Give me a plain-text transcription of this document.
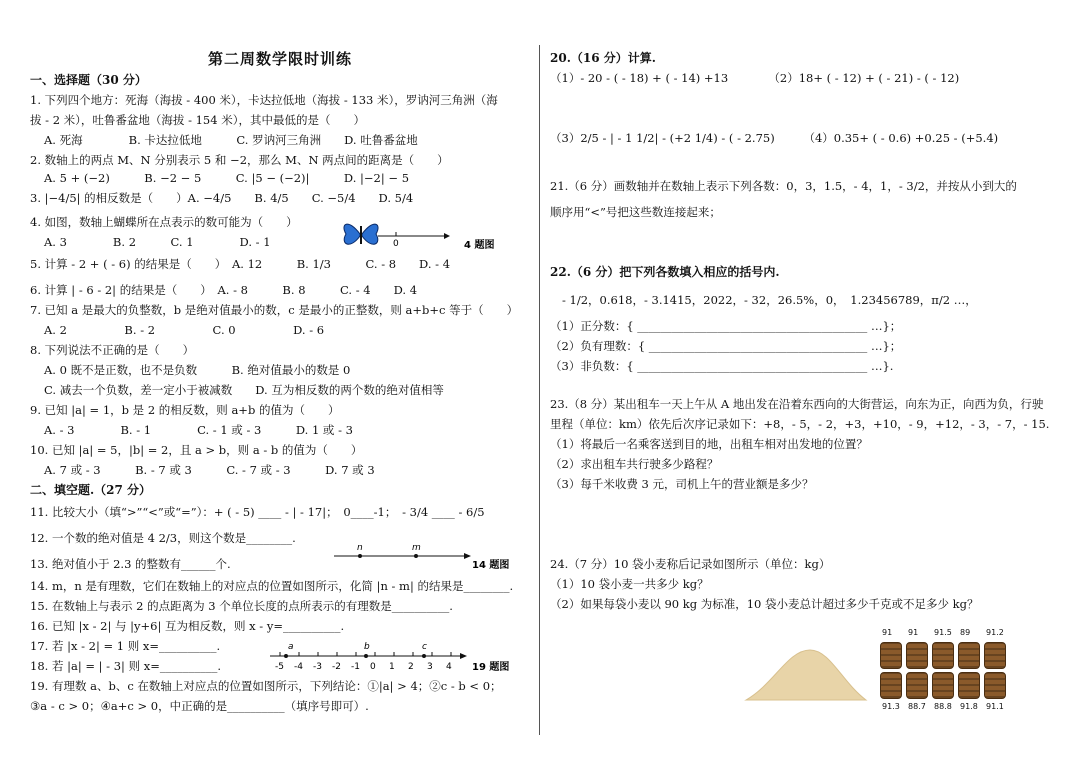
第二周数学限时训练
一、选择题（30 分）
1. 下列四个地方：死海（海拔 - 400 米），卡达拉低地（海拔 - 133 米），罗讷河三角洲（海
拔 - 2 米），吐鲁番盆地（海拔 - 154 米），其中最低的是（　　）
A. 死海　　　　B. 卡达拉低地　　　C. 罗讷河三角洲　　D. 吐鲁番盆地
2. 数轴上的两点 M、N 分别表示 5 和 −2，那么 M、N 两点间的距离是（　　）
A. 5 + (−2)　　　B. −2 − 5　　　C. |5 − (−2)|　　　D. |−2| − 5
3. |−4/5| 的相反数是（　　）A. −4/5　　B. 4/5　　C. −5/4　　D. 5/4
4. 如图，数轴上蝴蝶所在点表示的数可能为（　　）
A. 3　　　　B. 2　　　C. 1　　　　D. - 1	0	4 题图
5. 计算 - 2 + ( - 6) 的结果是（　　）　A. 12　　　B. 1/3　　　C. - 8　　D. - 4
6. 计算 | - 6 - 2| 的结果是（　　）　A. - 8　　　B. 8　　　C. - 4　　D. 4
7. 已知 a 是最大的负整数，b 是绝对值最小的数，c 是最小的正整数，则 a+b+c 等于（　　）
A. 2　　　　　B. - 2　　　　　C. 0　　　　　D. - 6
8. 下列说法不正确的是（　　）
A. 0 既不是正数，也不是负数　　　B. 绝对值最小的数是 0
C. 减去一个负数，差一定小于被减数　　D. 互为相反数的两个数的绝对值相等
9. 已知 |a| = 1，b 是 2 的相反数，则 a+b 的值为（　　）
A. - 3　　　　B. - 1　　　　C. - 1 或 - 3　　　D. 1 或 - 3
10. 已知 |a| = 5，|b| = 2，且 a > b，则 a - b 的值为（　　）
A. 7 或 - 3　　　B. - 7 或 3　　　C. - 7 或 - 3　　　D. 7 或 3
二、填空题.（27 分）
11. 比较大小（填“>”“<”或“=”）：+ ( - 5) ____ - | - 17|；　0____-1；　- 3/4 ____ - 6/5
12. 一个数的绝对值是 4 2/3，则这个数是________.
13. 绝对值小于 2.3 的整数有______个.
n	m
14 题图
14. m，n 是有理数，它们在数轴上的对应点的位置如图所示，化简 |n - m| 的结果是________.
15. 在数轴上与表示 2 的点距离为 3 个单位长度的点所表示的有理数是__________.
16. 已知 |x - 2| 与 |y+6| 互为相反数，则 x - y=__________.
17. 若 |x - 2| = 1 则 x=__________.
18. 若 |a| = | - 3| 则 x=__________.	-5 -4 -3 -2 -1 0 1 2 3 4
a	b	c
19 题图
19. 有理数 a、b、c 在数轴上对应点的位置如图所示，下列结论：①|a| > 4；②c - b < 0；
③a - c > 0；④a+c > 0，中正确的是__________（填序号即可）.
20.（16 分）计算.
（1）- 20 - ( - 18) + ( - 14) +13　　　　（2）18+ ( - 12) + ( - 21) - ( - 12)
（3）2/5 - | - 1 1/2| - (+2 1/4) - ( - 2.75)　　　（4）0.35+ ( - 0.6) +0.25 - (+5.4)
21.（6 分）画数轴并在数轴上表示下列各数：0，3，1.5，- 4，1，- 3/2，并按从小到大的
顺序用“<”号把这些数连接起来；
22.（6 分）把下列各数填入相应的括号内.
- 1/2，0.618，- 3.1415，2022，- 32，26.5%，0，　1.23456789，π/2 …，
（1）正分数：{ ________________________________________ …}；
（2）负有理数：{ ______________________________________ …}；
（3）非负数：{ ________________________________________ …}.
23.（8 分）某出租车一天上午从 A 地出发在沿着东西向的大街营运，向东为正，向西为负，行驶
里程（单位：km）依先后次序记录如下：+8，- 5，- 2，+3，+10，- 9，+12，- 3，- 7，- 15.
（1）将最后一名乘客送到目的地，出租车相对出发地的位置？
（2）求出租车共行驶多少路程？
（3）每千米收费 3 元，司机上午的营业额是多少？
24.（7 分）10 袋小麦称后记录如图所示（单位：kg）
（1）10 袋小麦一共多少 kg？
（2）如果每袋小麦以 90 kg 为标准，10 袋小麦总计超过多少千克或不足多少 kg？
91 91 91.5 89 91.2
91.3 88.7 88.8 91.8 91.1
